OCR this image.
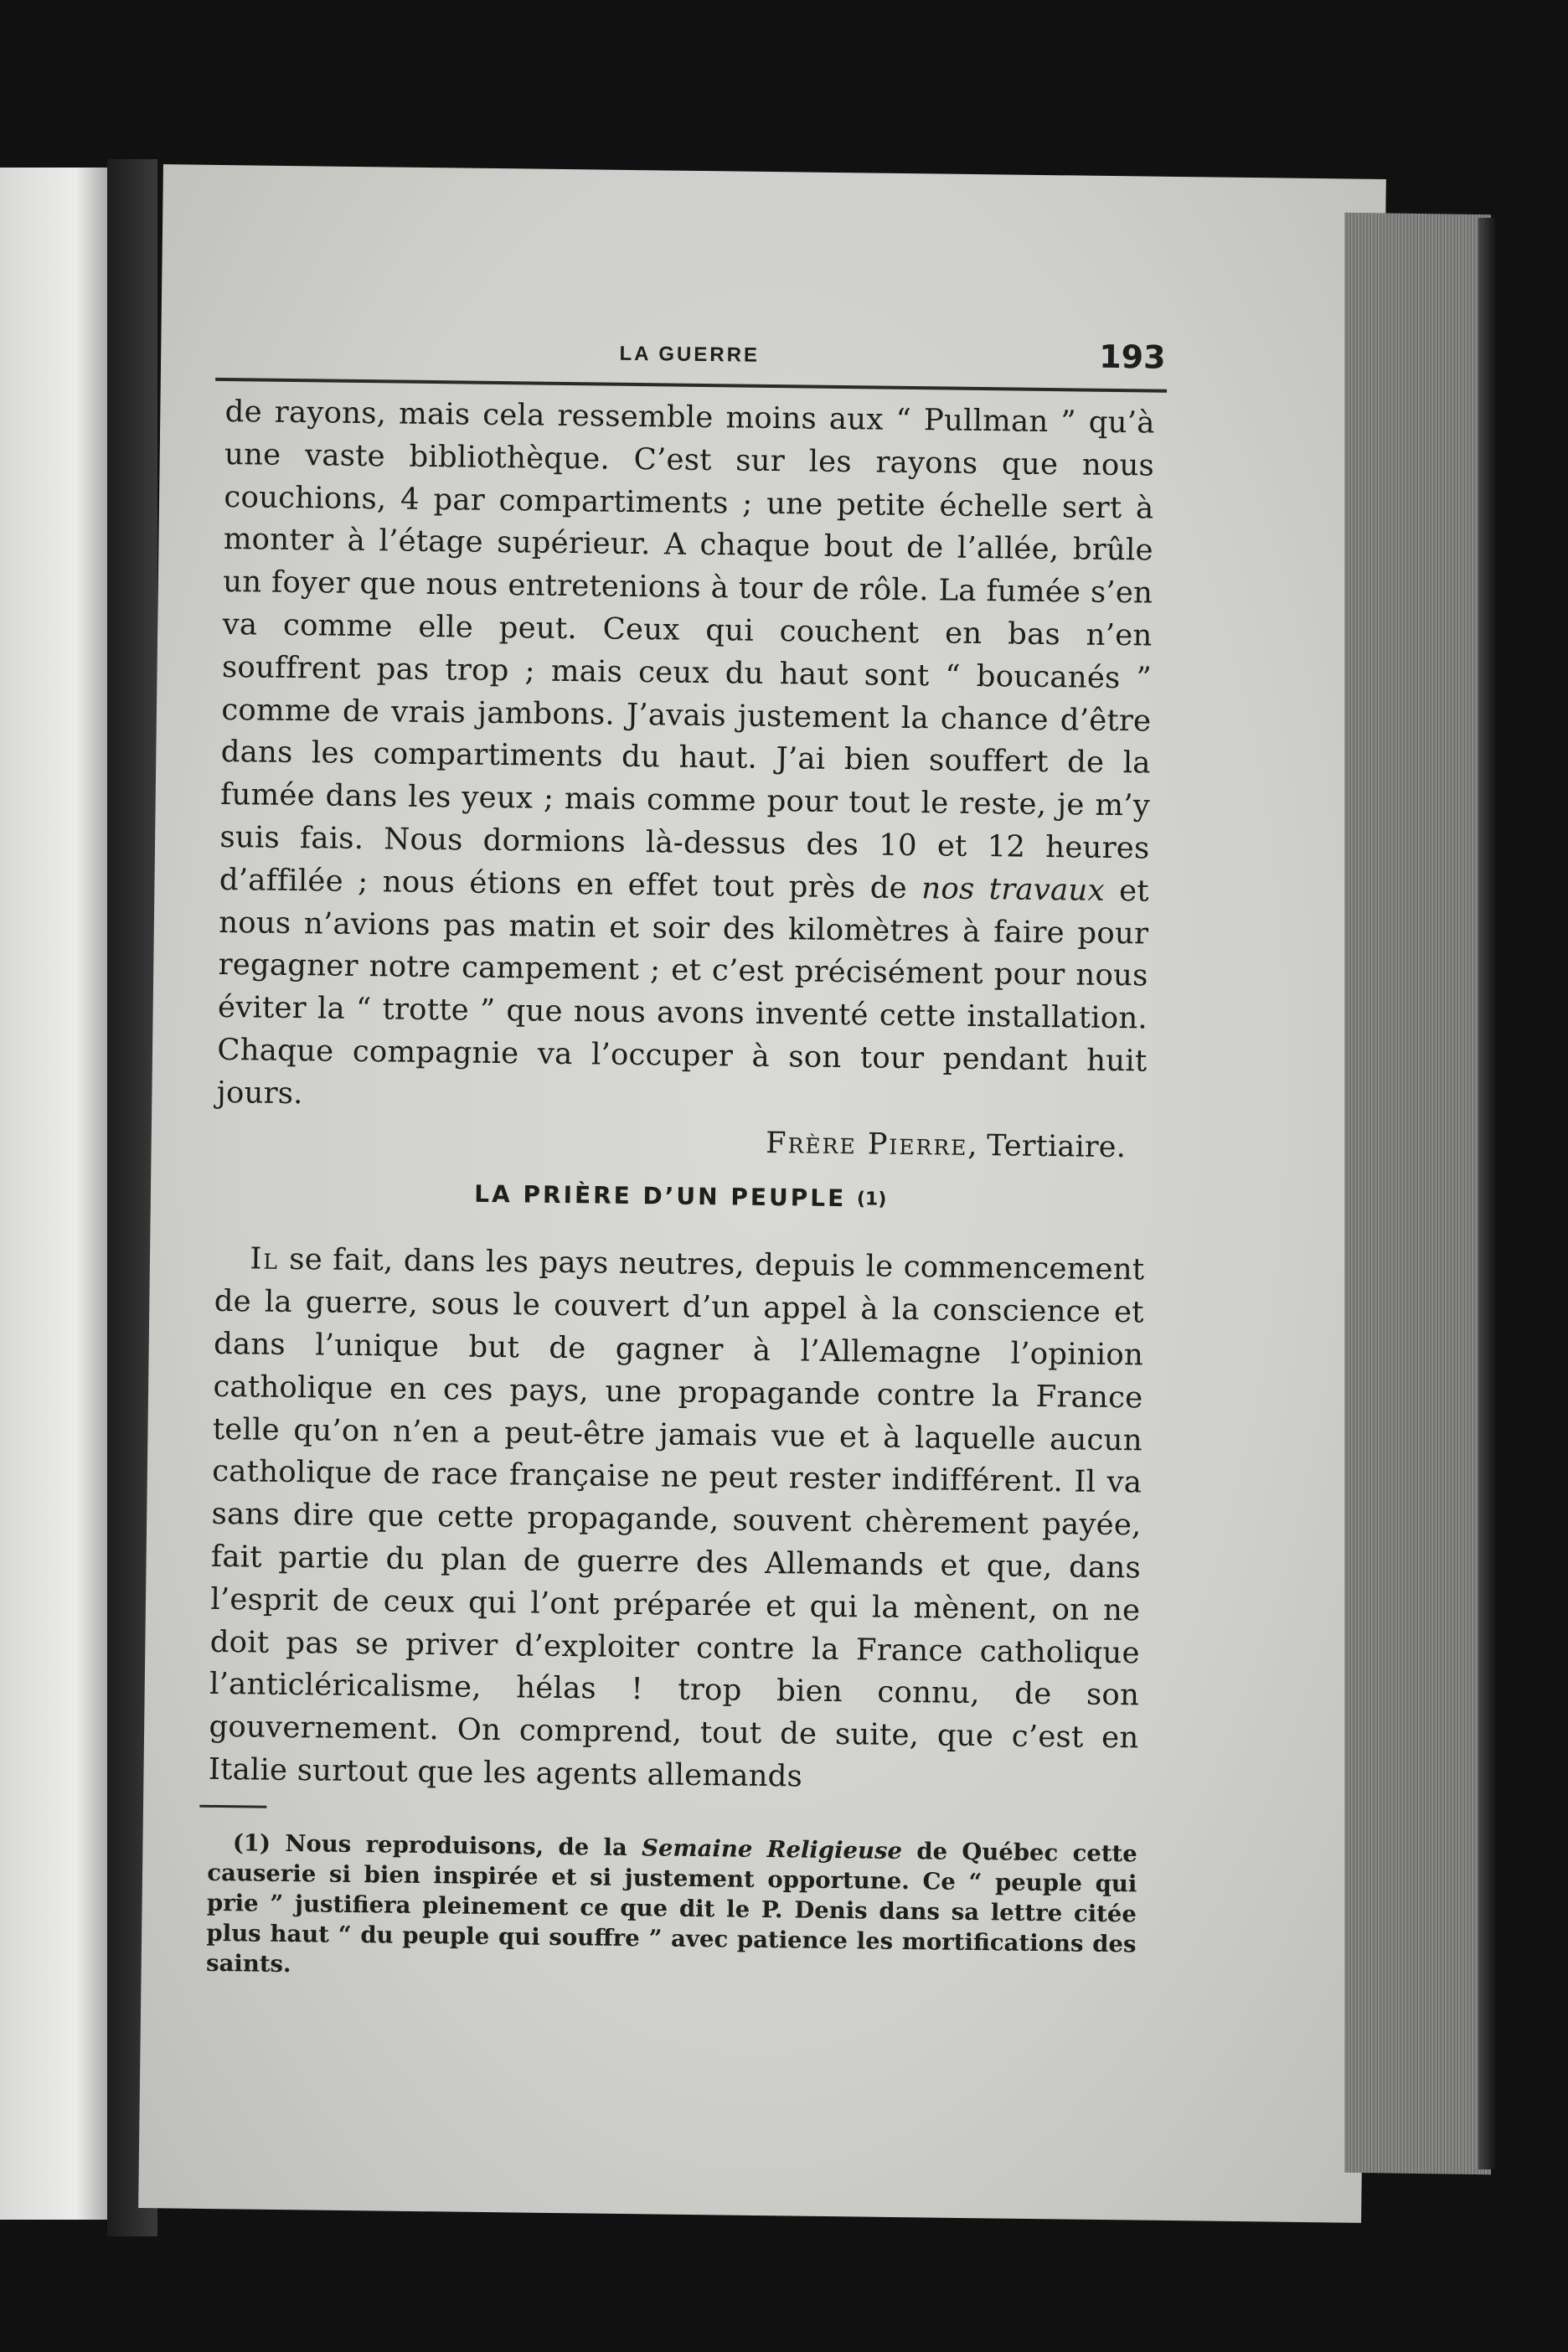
LA GUERRE	193

de rayons, mais cela ressemble moins aux “ Pullman ” qu’à une vaste bibliothèque. C’est sur les rayons que nous couchions, 4 par compartiments ; une petite échelle sert à monter à l’étage supérieur. A chaque bout de l’allée, brûle un foyer que nous entretenions à tour de rôle. La fumée s’en va comme elle peut. Ceux qui couchent en bas n’en souffrent pas trop ; mais ceux du haut sont “ boucanés ” comme de vrais jambons. J’avais justement la chance d’être dans les compartiments du haut. J’ai bien souffert de la fumée dans les yeux ; mais comme pour tout le reste, je m’y suis fais. Nous dormions là-dessus des 10 et 12 heures d’affilée ; nous étions en effet tout près de nos travaux et nous n’avions pas matin et soir des kilomètres à faire pour regagner notre campement ; et c’est précisément pour nous éviter la “ trotte ” que nous avons inventé cette installation. Chaque compagnie va l’occuper à son tour pendant huit jours.

Frère Pierre, Tertiaire.
LA PRIÈRE D’UN PEUPLE (1)

Il se fait, dans les pays neutres, depuis le commencement de la guerre, sous le couvert d’un appel à la conscience et dans l’unique but de gagner à l’Allemagne l’opinion catholique en ces pays, une propagande contre la France telle qu’on n’en a peut-être jamais vue et à laquelle aucun catholique de race française ne peut rester indifférent. Il va sans dire que cette propagande, souvent chèrement payée, fait partie du plan de guerre des Allemands et que, dans l’esprit de ceux qui l’ont préparée et qui la mènent, on ne doit pas se priver d’exploiter contre la France catholique l’anticléricalisme, hélas ! trop bien connu, de son gouvernement. On comprend, tout de suite, que c’est en Italie surtout que les agents allemands

(1) Nous reproduisons, de la Semaine Religieuse de Québec cette causerie si bien inspirée et si justement opportune. Ce “ peuple qui prie ” justifiera pleinement ce que dit le P. Denis dans sa lettre citée plus haut “ du peuple qui souffre ” avec patience les mortifications des saints.
